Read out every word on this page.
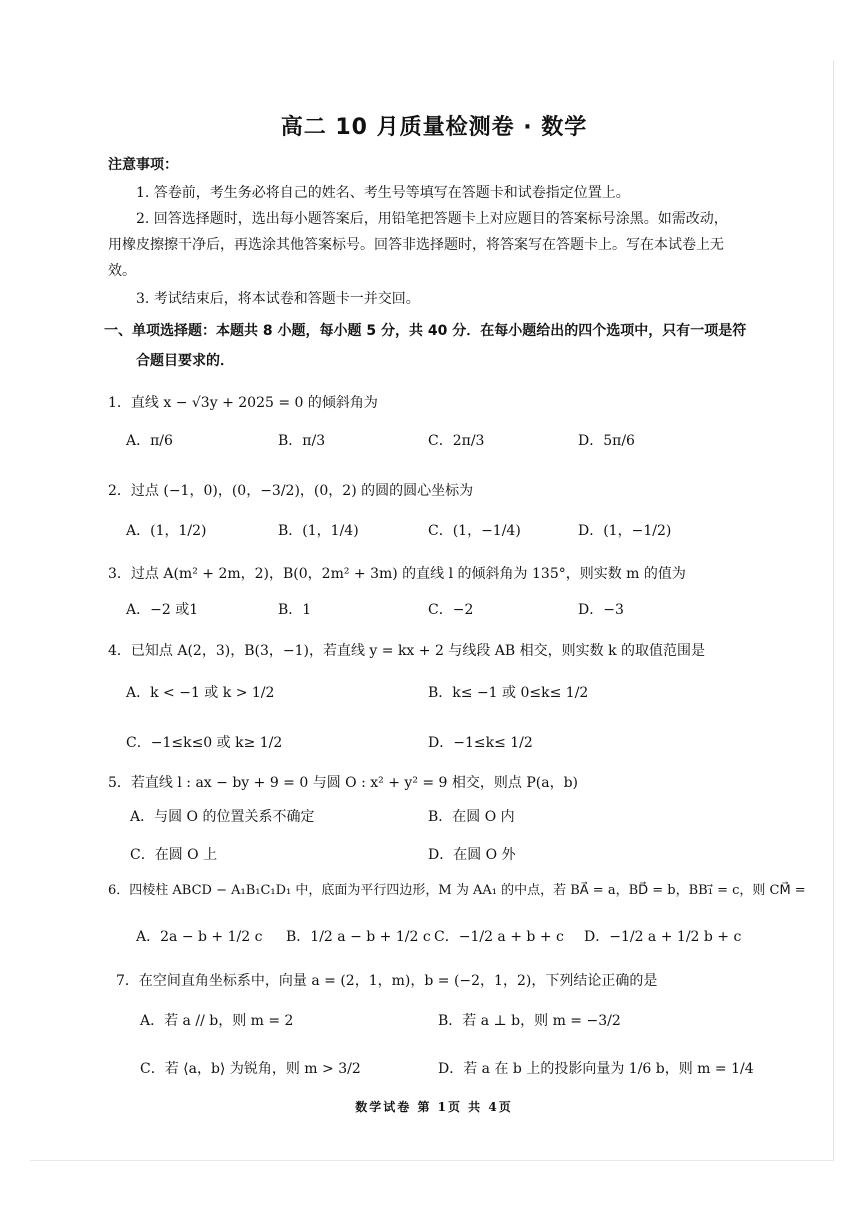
高二 10 月质量检测卷 · 数学
注意事项：
1. 答卷前，考生务必将自己的姓名、考生号等填写在答题卡和试卷指定位置上。
2. 回答选择题时，选出每小题答案后，用铅笔把答题卡上对应题目的答案标号涂黑。如需改动，
用橡皮擦擦干净后，再选涂其他答案标号。回答非选择题时，将答案写在答题卡上。写在本试卷上无
效。
3. 考试结束后，将本试卷和答题卡一并交回。
一、单项选择题：本题共 8 小题，每小题 5 分，共 40 分．在每小题给出的四个选项中，只有一项是符
合题目要求的．
1．直线 x − √3y + 2025 = 0 的倾斜角为
A．π/6	B．π/3	C．2π/3	D．5π/6
2．过点 (−1，0)，(0，−3/2)，(0，2) 的圆的圆心坐标为
A．(1，1/2)	B．(1，1/4)	C．(1，−1/4)	D．(1，−1/2)
3．过点 A(m² + 2m，2)，B(0，2m² + 3m) 的直线 l 的倾斜角为 135°，则实数 m 的值为
A．−2 或1	B．1	C．−2	D．−3
4．已知点 A(2，3)，B(3，−1)，若直线 y = kx + 2 与线段 AB 相交，则实数 k 的取值范围是
A．k < −1 或 k > 1/2	B．k≤ −1 或 0≤k≤ 1/2
C．−1≤k≤0 或 k≥ 1/2	D．−1≤k≤ 1/2
5．若直线 l : ax − by + 9 = 0 与圆 O : x² + y² = 9 相交，则点 P(a，b)
A．与圆 O 的位置关系不确定	B．在圆 O 内
C．在圆 O 上	D．在圆 O 外
6．四棱柱 ABCD − A₁B₁C₁D₁ 中，底面为平行四边形，M 为 AA₁ 的中点，若 BA⃗ = a，BD⃗ = b，BB₁⃗ = c，则 CM⃗ =
A．2a − b + 1/2 c B．1/2 a − b + 1/2 c C．−1/2 a + b + c D．−1/2 a + 1/2 b + c
7．在空间直角坐标系中，向量 a = (2，1，m)，b = (−2，1，2)，下列结论正确的是
A．若 a // b，则 m = 2	B．若 a ⊥ b，则 m = −3/2
C．若 ⟨a，b⟩ 为锐角，则 m > 3/2	D．若 a 在 b 上的投影向量为 1/6 b，则 m = 1/4
数学试卷 第 1页 共 4页
